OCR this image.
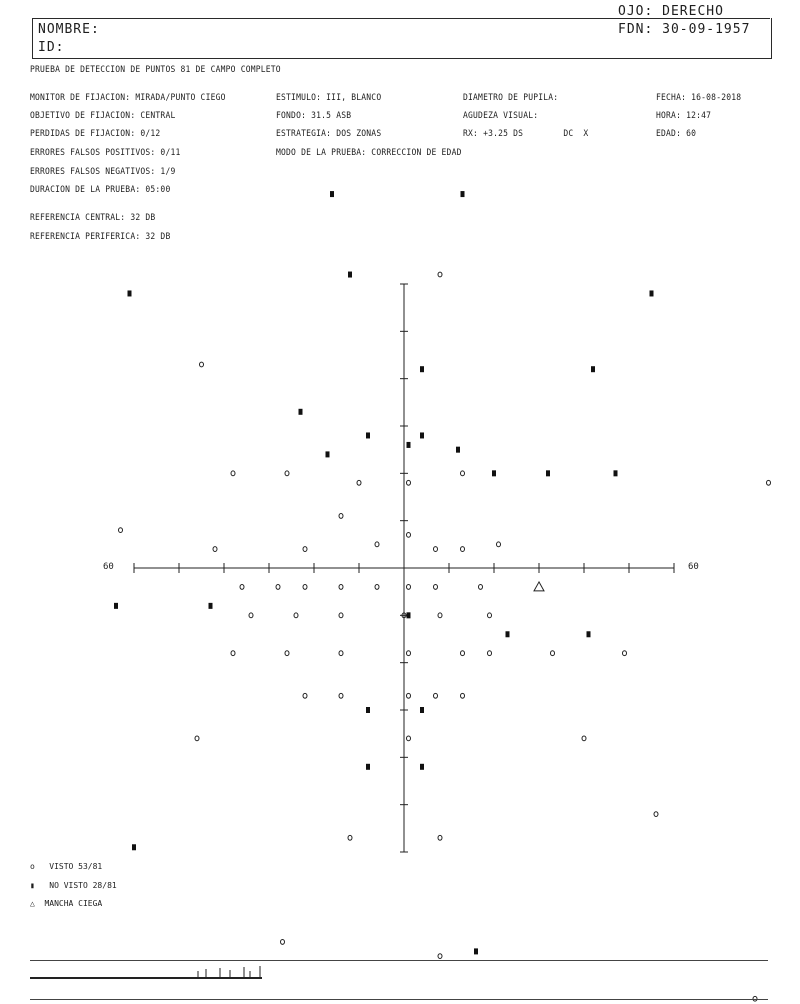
OJO: DERECHO
NOMBRE:
ID:
FDN: 30-09-1957
PRUEBA DE DETECCION DE PUNTOS 81 DE CAMPO COMPLETO
MONITOR DE FIJACION: MIRADA/PUNTO CIEGO
OBJETIVO DE FIJACION: CENTRAL
PERDIDAS DE FIJACION: 0/12
ERRORES FALSOS POSITIVOS: 0/11
ERRORES FALSOS NEGATIVOS: 1/9
DURACION DE LA PRUEBA: 05:00
ESTIMULO: III, BLANCO
FONDO: 31.5 ASB
ESTRATEGIA: DOS ZONAS
MODO DE LA PRUEBA: CORRECCION DE EDAD
DIAMETRO DE PUPILA:
AGUDEZA VISUAL:
RX: +3.25 DS        DC  X
FECHA: 16-08-2018
HORA: 12:47
EDAD: 60
REFERENCIA CENTRAL: 32 DB
REFERENCIA PERIFERICA: 32 DB
60	60
o   VISTO 53/81
▮   NO VISTO 28/81
△  MANCHA CIEGA
